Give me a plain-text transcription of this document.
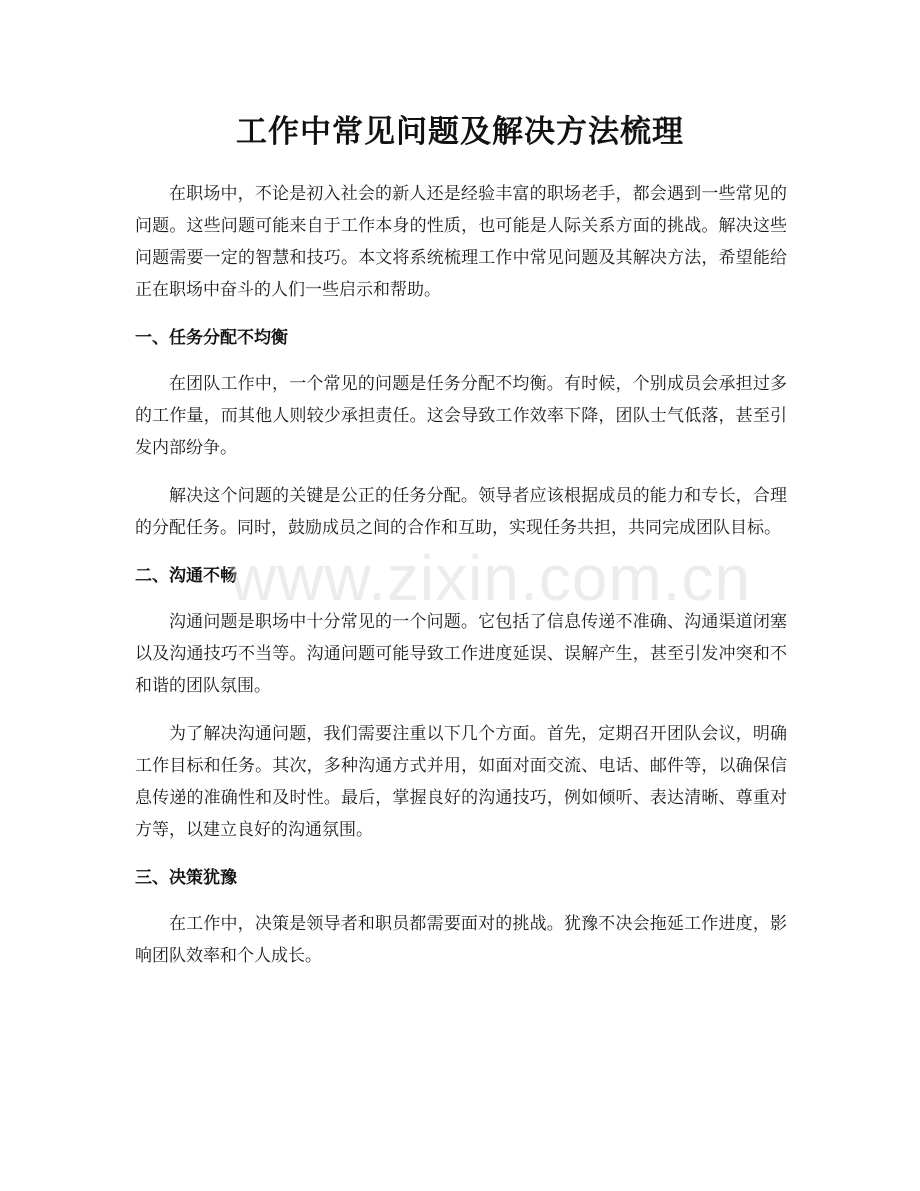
工作中常见问题及解决方法梳理

在职场中，不论是初入社会的新人还是经验丰富的职场老手，都会遇到一些常见的问题。这些问题可能来自于工作本身的性质，也可能是人际关系方面的挑战。解决这些问题需要一定的智慧和技巧。本文将系统梳理工作中常见问题及其解决方法，希望能给正在职场中奋斗的人们一些启示和帮助。

一、任务分配不均衡

在团队工作中，一个常见的问题是任务分配不均衡。有时候，个别成员会承担过多的工作量，而其他人则较少承担责任。这会导致工作效率下降，团队士气低落，甚至引发内部纷争。

解决这个问题的关键是公正的任务分配。领导者应该根据成员的能力和专长，合理的分配任务。同时，鼓励成员之间的合作和互助，实现任务共担，共同完成团队目标。

二、沟通不畅

沟通问题是职场中十分常见的一个问题。它包括了信息传递不准确、沟通渠道闭塞以及沟通技巧不当等。沟通问题可能导致工作进度延误、误解产生，甚至引发冲突和不和谐的团队氛围。

为了解决沟通问题，我们需要注重以下几个方面。首先，定期召开团队会议，明确工作目标和任务。其次，多种沟通方式并用，如面对面交流、电话、邮件等，以确保信息传递的准确性和及时性。最后，掌握良好的沟通技巧，例如倾听、表达清晰、尊重对方等，以建立良好的沟通氛围。

三、决策犹豫

在工作中，决策是领导者和职员都需要面对的挑战。犹豫不决会拖延工作进度，影响团队效率和个人成长。

www.zixin.com.cn
